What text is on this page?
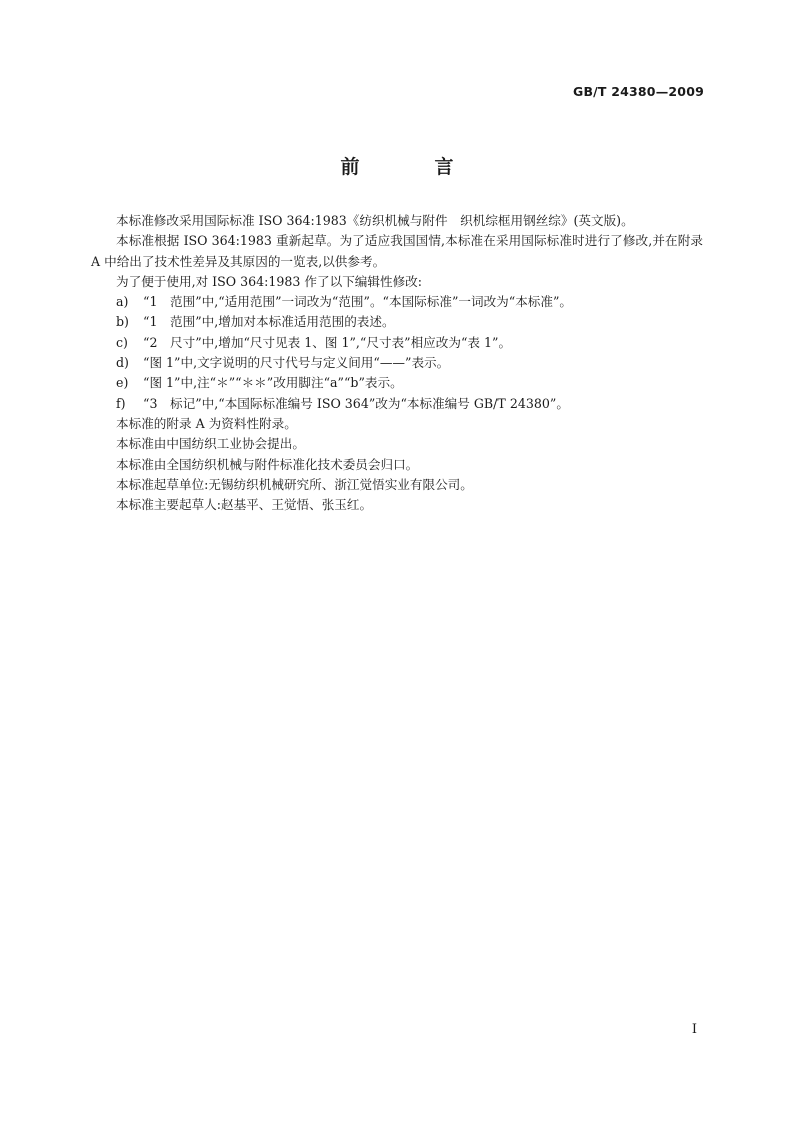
GB/T 24380—2009
前　言

本标准修改采用国际标准 ISO 364:1983《纺织机械与附件　织机综框用钢丝综》(英文版)。

本标准根据 ISO 364:1983 重新起草。为了适应我国国情,本标准在采用国际标准时进行了修改,并在附录 A 中给出了技术性差异及其原因的一览表,以供参考。

为了便于使用,对 ISO 364:1983 作了以下编辑性修改:

a) “1　范围”中,“适用范围”一词改为“范围”。“本国际标准”一词改为“本标准”。

b) “1　范围”中,增加对本标准适用范围的表述。

c) “2　尺寸”中,增加“尺寸见表 1、图 1”,“尺寸表”相应改为“表 1”。

d) “图 1”中,文字说明的尺寸代号与定义间用“——”表示。

e) “图 1”中,注“＊”“＊＊”改用脚注“a”“b”表示。

f) “3　标记”中,“本国际标准编号 ISO 364”改为“本标准编号 GB/T 24380”。

本标准的附录 A 为资料性附录。

本标准由中国纺织工业协会提出。

本标准由全国纺织机械与附件标准化技术委员会归口。

本标准起草单位:无锡纺织机械研究所、浙江觉悟实业有限公司。

本标准主要起草人:赵基平、王觉悟、张玉红。

I
